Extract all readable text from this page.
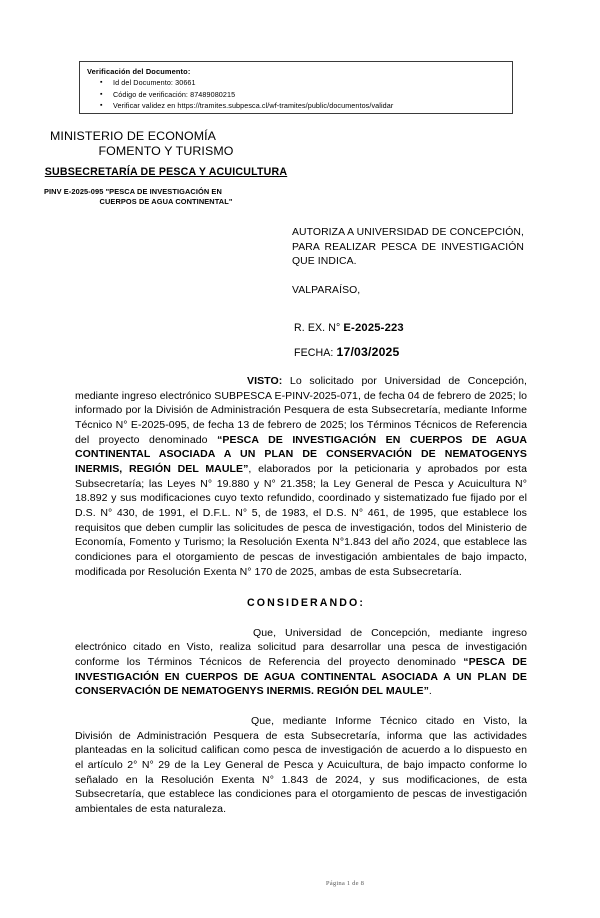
Verificación del Documento:
▪ Id del Documento: 30661
▪ Código de verificación: 87489080215
▪ Verificar validez en https://tramites.subpesca.cl/wf-tramites/public/documentos/validar
MINISTERIO DE ECONOMÍA
FOMENTO Y TURISMO
SUBSECRETARÍA DE PESCA Y ACUICULTURA
PINV E-2025-095 "PESCA DE INVESTIGACIÓN EN
CUERPOS DE AGUA CONTINENTAL"
AUTORIZA A UNIVERSIDAD DE CONCEPCIÓN, PARA REALIZAR PESCA DE INVESTIGACIÓN QUE INDICA.
VALPARAÍSO,
R. EX. N° E-2025-223
FECHA: 17/03/2025

VISTO: Lo solicitado por Universidad de Concepción, mediante ingreso electrónico SUBPESCA E-PINV-2025-071, de fecha 04 de febrero de 2025; lo informado por la División de Administración Pesquera de esta Subsecretaría, mediante Informe Técnico N° E-2025-095, de fecha 13 de febrero de 2025; los Términos Técnicos de Referencia del proyecto denominado “PESCA DE INVESTIGACIÓN EN CUERPOS DE AGUA CONTINENTAL ASOCIADA A UN PLAN DE CONSERVACIÓN DE NEMATOGENYS INERMIS, REGIÓN DEL MAULE”, elaborados por la peticionaria y aprobados por esta Subsecretaría; las Leyes N° 19.880 y N° 21.358; la Ley General de Pesca y Acuicultura N° 18.892 y sus modificaciones cuyo texto refundido, coordinado y sistematizado fue fijado por el D.S. N° 430, de 1991, el D.F.L. N° 5, de 1983, el D.S. N° 461, de 1995, que establece los requisitos que deben cumplir las solicitudes de pesca de investigación, todos del Ministerio de Economía, Fomento y Turismo; la Resolución Exenta N°1.843 del año 2024, que establece las condiciones para el otorgamiento de pescas de investigación ambientales de bajo impacto, modificada por Resolución Exenta N° 170 de 2025, ambas de esta Subsecretaría.

CONSIDERANDO:

Que, Universidad de Concepción, mediante ingreso electrónico citado en Visto, realiza solicitud para desarrollar una pesca de investigación conforme los Términos Técnicos de Referencia del proyecto denominado “PESCA DE INVESTIGACIÓN EN CUERPOS DE AGUA CONTINENTAL ASOCIADA A UN PLAN DE CONSERVACIÓN DE NEMATOGENYS INERMIS. REGIÓN DEL MAULE”.

Que, mediante Informe Técnico citado en Visto, la División de Administración Pesquera de esta Subsecretaría, informa que las actividades planteadas en la solicitud califican como pesca de investigación de acuerdo a lo dispuesto en el artículo 2° N° 29 de la Ley General de Pesca y Acuicultura, de bajo impacto conforme lo señalado en la Resolución Exenta N° 1.843 de 2024, y sus modificaciones, de esta Subsecretaría, que establece las condiciones para el otorgamiento de pescas de investigación ambientales de esta naturaleza.

Página 1 de 8
